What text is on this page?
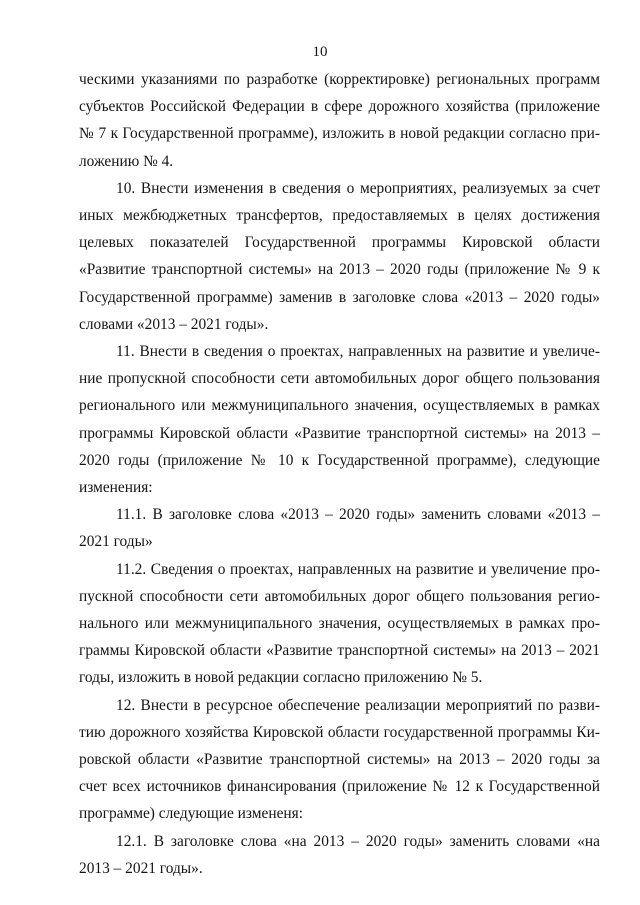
10

ческими указаниями по разработке (корректировке) региональных программ субъектов Российской Федерации в сфере дорожного хозяйства (приложение № 7 к Государственной программе), изложить в новой редакции согласно приложению № 4.

10. Внести изменения в сведения о мероприятиях, реализуемых за счет иных межбюджетных трансфертов, предоставляемых в целях достижения целевых показателей Государственной программы Кировской области «Развитие транспортной системы» на 2013 – 2020 годы (приложение № 9 к Государственной программе) заменив в заголовке слова «2013 – 2020 годы» словами «2013 – 2021 годы».

11. Внести в сведения о проектах, направленных на развитие и увеличение пропускной способности сети автомобильных дорог общего пользования регионального или межмуниципального значения, осуществляемых в рамках программы Кировской области «Развитие транспортной системы» на 2013 – 2020 годы (приложение № 10 к Государственной программе), следующие изменения:

11.1. В заголовке слова «2013 – 2020 годы» заменить словами «2013 – 2021 годы»

11.2. Сведения о проектах, направленных на развитие и увеличение пропускной способности сети автомобильных дорог общего пользования регионального или межмуниципального значения, осуществляемых в рамках программы Кировской области «Развитие транспортной системы» на 2013 – 2021 годы, изложить в новой редакции согласно приложению № 5.

12. Внести в ресурсное обеспечение реализации мероприятий по развитию дорожного хозяйства Кировской области государственной программы Кировской области «Развитие транспортной системы» на 2013 – 2020 годы за счет всех источников финансирования (приложение № 12 к Государственной программе) следующие измененя:

12.1. В заголовке слова «на 2013 – 2020 годы» заменить словами «на 2013 – 2021 годы».
